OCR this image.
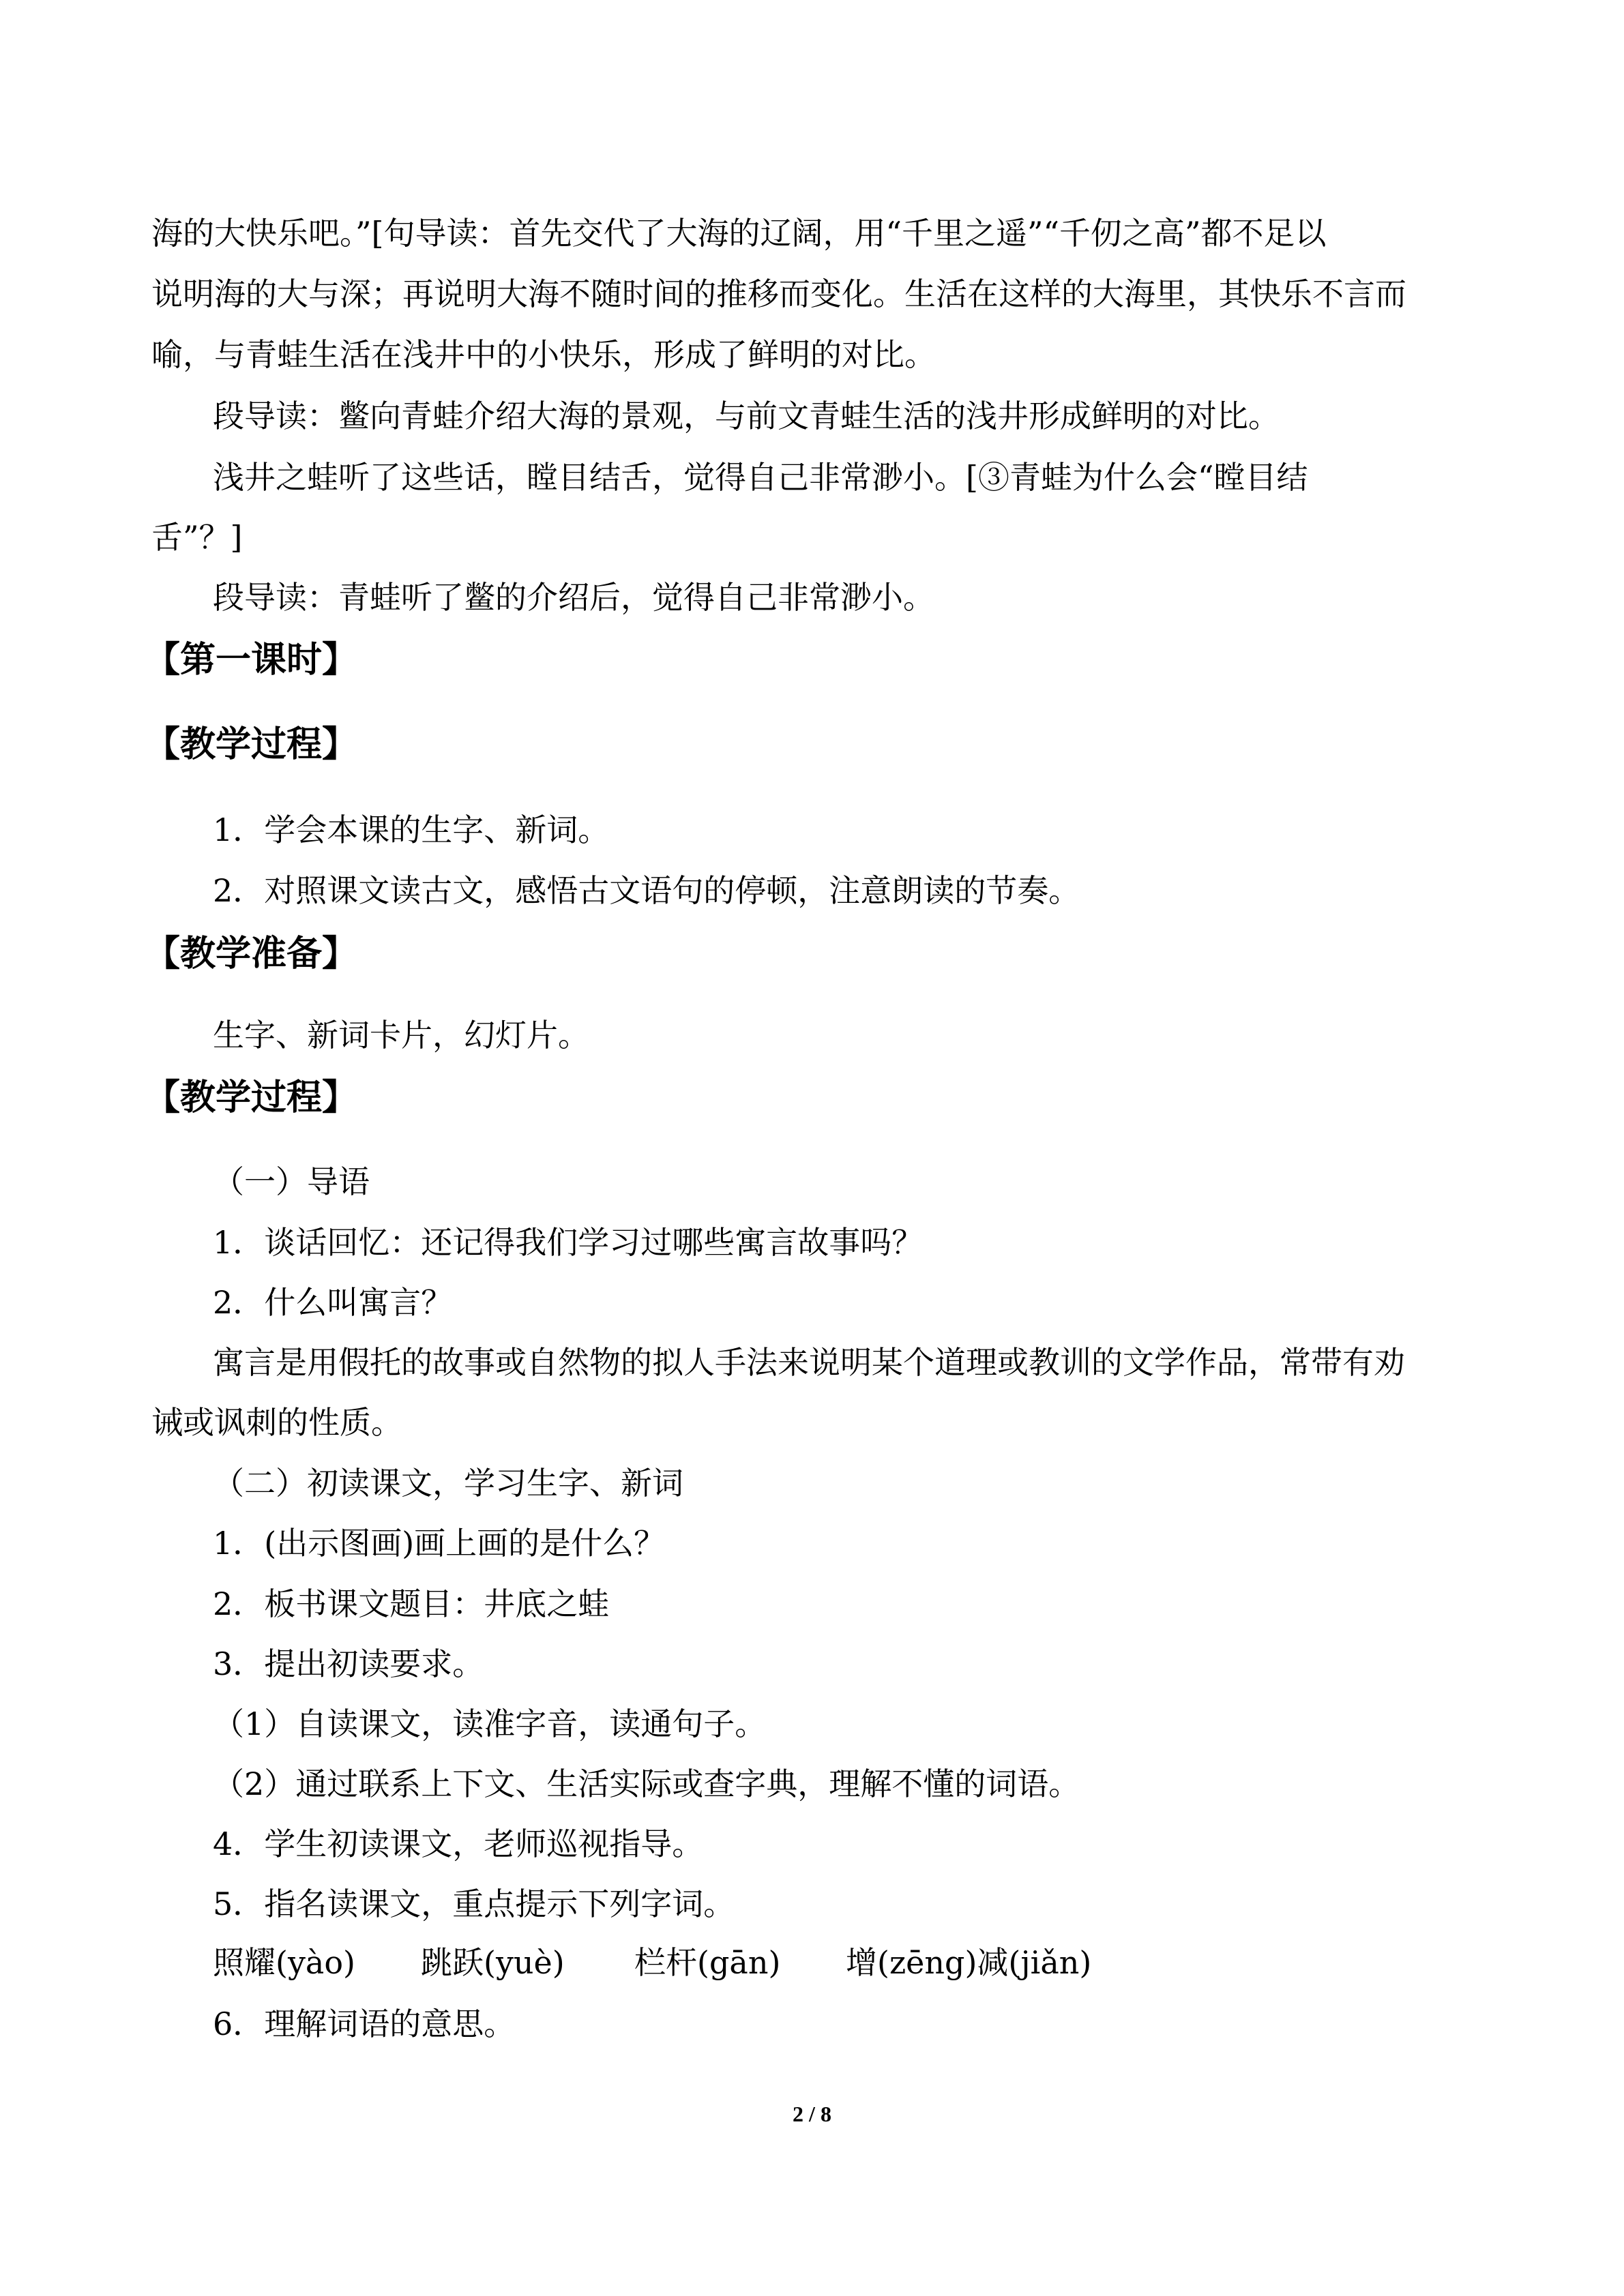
海的大快乐吧。”[句导读：首先交代了大海的辽阔，用“千里之遥”“千仞之高”都不足以
说明海的大与深；再说明大海不随时间的推移而变化。生活在这样的大海里，其快乐不言而
喻，与青蛙生活在浅井中的小快乐，形成了鲜明的对比。
段导读：鳖向青蛙介绍大海的景观，与前文青蛙生活的浅井形成鲜明的对比。
浅井之蛙听了这些话，瞠目结舌，觉得自己非常渺小。[③青蛙为什么会“瞠目结
舌”？]
段导读：青蛙听了鳖的介绍后，觉得自己非常渺小。
【第一课时】
【教学过程】
1．学会本课的生字、新词。
2．对照课文读古文，感悟古文语句的停顿，注意朗读的节奏。
【教学准备】
生字、新词卡片，幻灯片。
【教学过程】
（一）导语
1．谈话回忆：还记得我们学习过哪些寓言故事吗？
2．什么叫寓言？
寓言是用假托的故事或自然物的拟人手法来说明某个道理或教训的文学作品，常带有劝
诫或讽刺的性质。
（二）初读课文，学习生字、新词
1．(出示图画)画上画的是什么？
2．板书课文题目：井底之蛙
3．提出初读要求。
（1）自读课文，读准字音，读通句子。
（2）通过联系上下文、生活实际或查字典，理解不懂的词语。
4．学生初读课文，老师巡视指导。
5．指名读课文，重点提示下列字词。
照耀(yào) 跳跃(yuè) 栏杆(gān) 增(zēng)减(jiǎn)
6．理解词语的意思。
2 / 8
